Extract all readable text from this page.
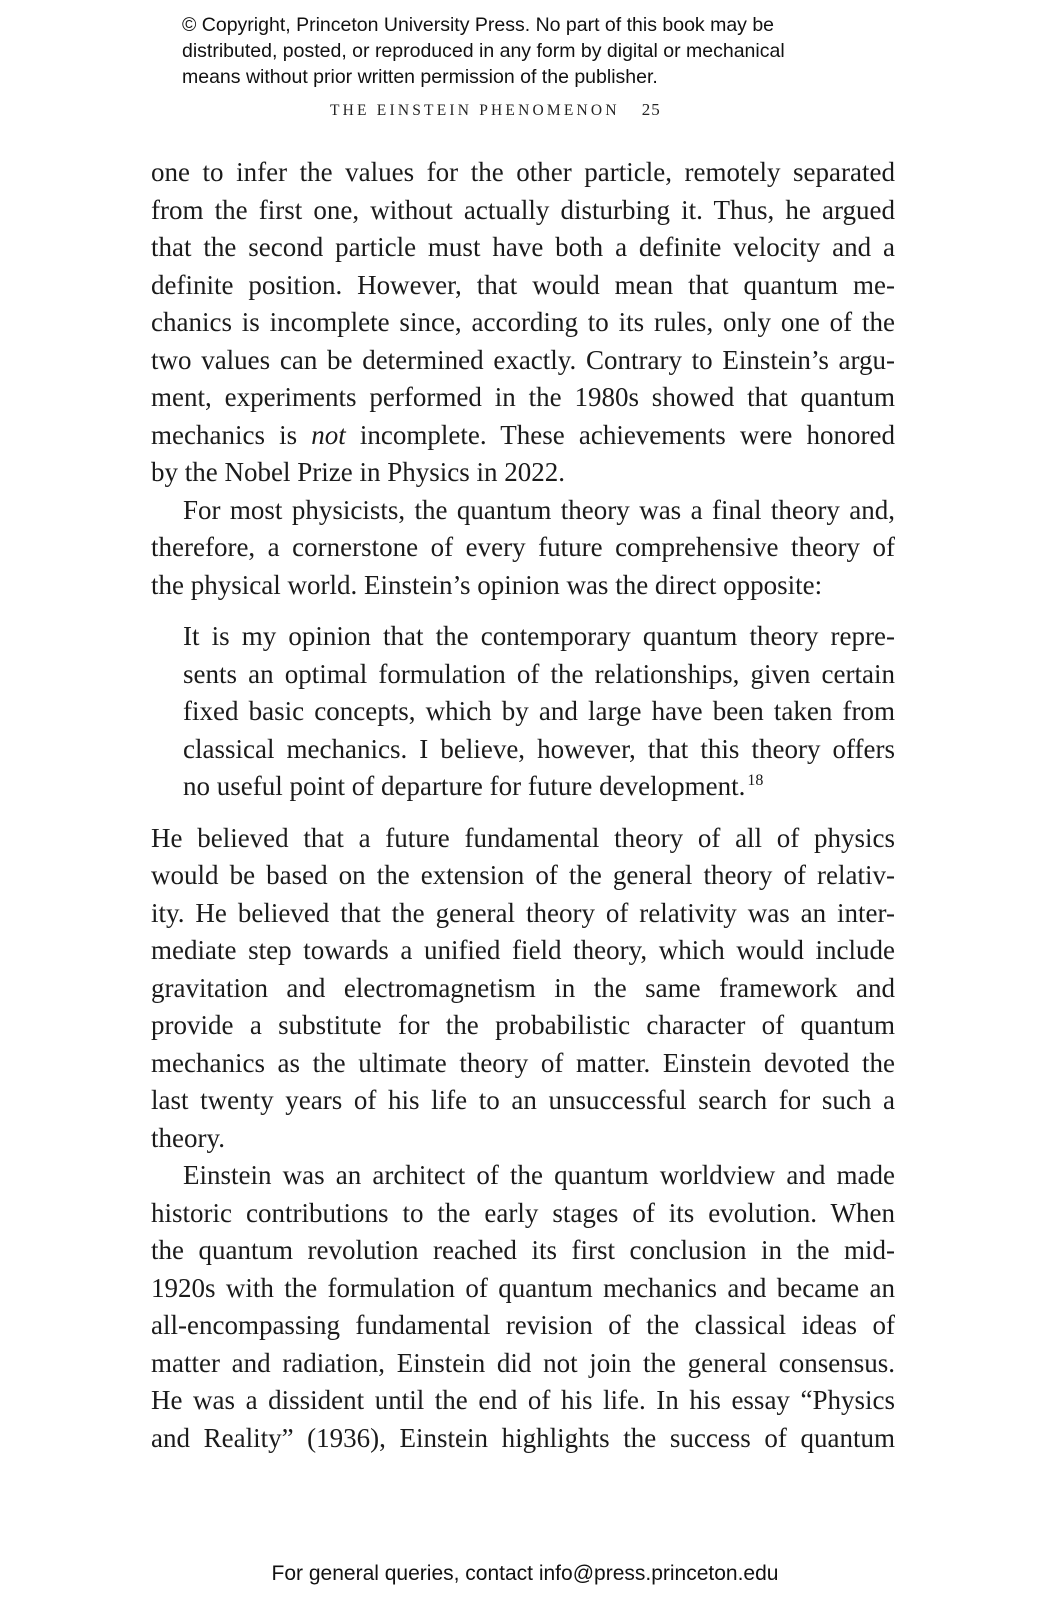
© Copyright, Princeton University Press. No part of this book may be
distributed, posted, or reproduced in any form by digital or mechanical
means without prior written permission of the publisher.
THE EINSTEIN PHENOMENON 25
one to infer the values for the other particle, remotely separated
from the first one, without actually disturbing it. Thus, he argued
that the second particle must have both a definite velocity and a
definite position. However, that would mean that quantum me-
chanics is incomplete since, according to its rules, only one of the
two values can be determined exactly. Contrary to Einstein’s argu-
ment, experiments performed in the 1980s showed that quantum
mechanics is not incomplete. These achievements were honored
by the Nobel Prize in Physics in 2022.
For most physicists, the quantum theory was a final theory and,
therefore, a cornerstone of every future comprehensive theory of
the physical world. Einstein’s opinion was the direct opposite:
It is my opinion that the contemporary quantum theory repre-
sents an optimal formulation of the relationships, given certain
fixed basic concepts, which by and large have been taken from
classical mechanics. I believe, however, that this theory offers
no useful point of departure for future development. $^{18}$
He believed that a future fundamental theory of all of physics
would be based on the extension of the general theory of relativ-
ity. He believed that the general theory of relativity was an inter-
mediate step towards a unified field theory, which would include
gravitation and electromagnetism in the same framework and
provide a substitute for the probabilistic character of quantum
mechanics as the ultimate theory of matter. Einstein devoted the
last twenty years of his life to an unsuccessful search for such a
theory.
Einstein was an architect of the quantum worldview and made
historic contributions to the early stages of its evolution. When
the quantum revolution reached its first conclusion in the mid-
1920s with the formulation of quantum mechanics and became an
all-encompassing fundamental revision of the classical ideas of
matter and radiation, Einstein did not join the general consensus.
He was a dissident until the end of his life. In his essay “Physics
and Reality” (1936), Einstein highlights the success of quantum
For general queries, contact info@press.princeton.edu
